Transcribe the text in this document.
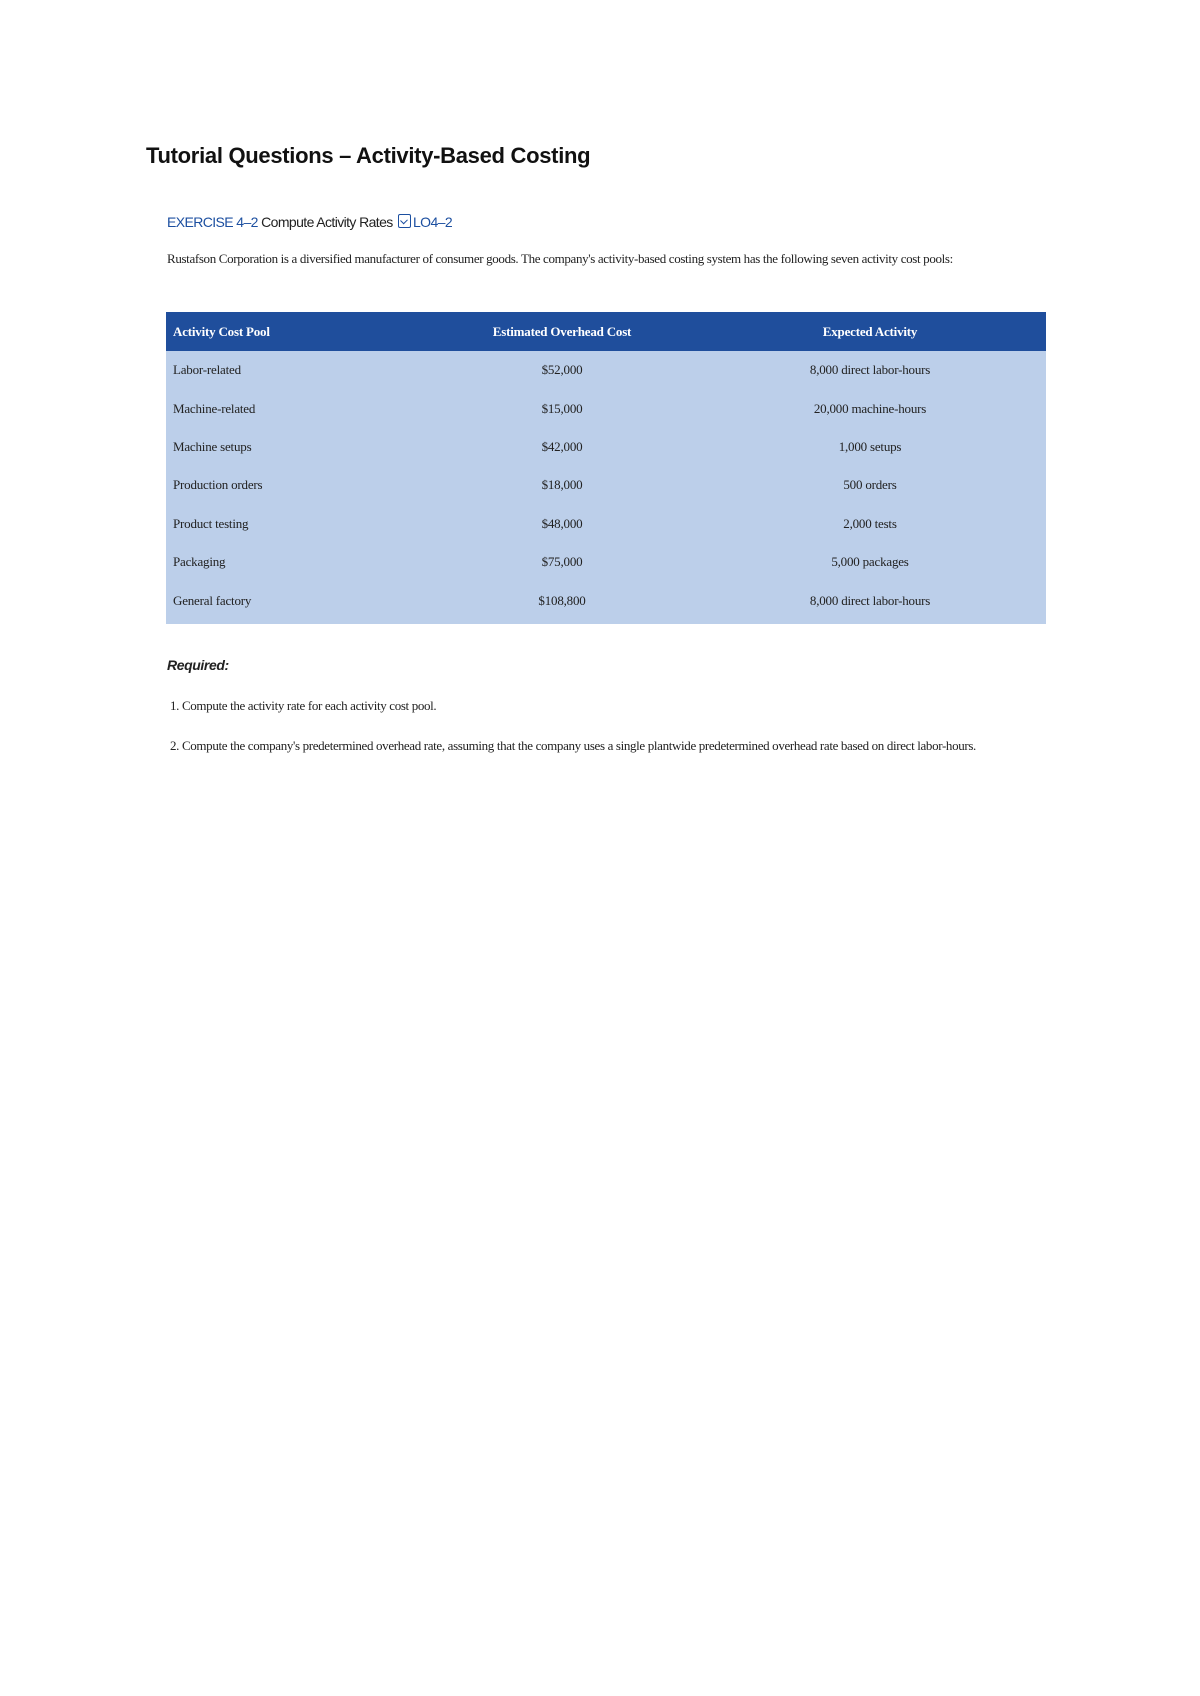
Tutorial Questions – Activity-Based Costing
EXERCISE 4–2 Compute Activity Rates LO4–2
Rustafson Corporation is a diversified manufacturer of consumer goods. The company's activity-based costing system has the following seven activity cost pools:
Activity Cost Pool	Estimated Overhead Cost	Expected Activity
Labor-related	$52,000	8,000 direct labor-hours
Machine-related	$15,000	20,000 machine-hours
Machine setups	$42,000	1,000 setups
Production orders	$18,000	500 orders
Product testing	$48,000	2,000 tests
Packaging	$75,000	5,000 packages
General factory	$108,800	8,000 direct labor-hours
Required:
1. Compute the activity rate for each activity cost pool.
2. Compute the company's predetermined overhead rate, assuming that the company uses a single plantwide predetermined overhead rate based on direct labor-hours.
